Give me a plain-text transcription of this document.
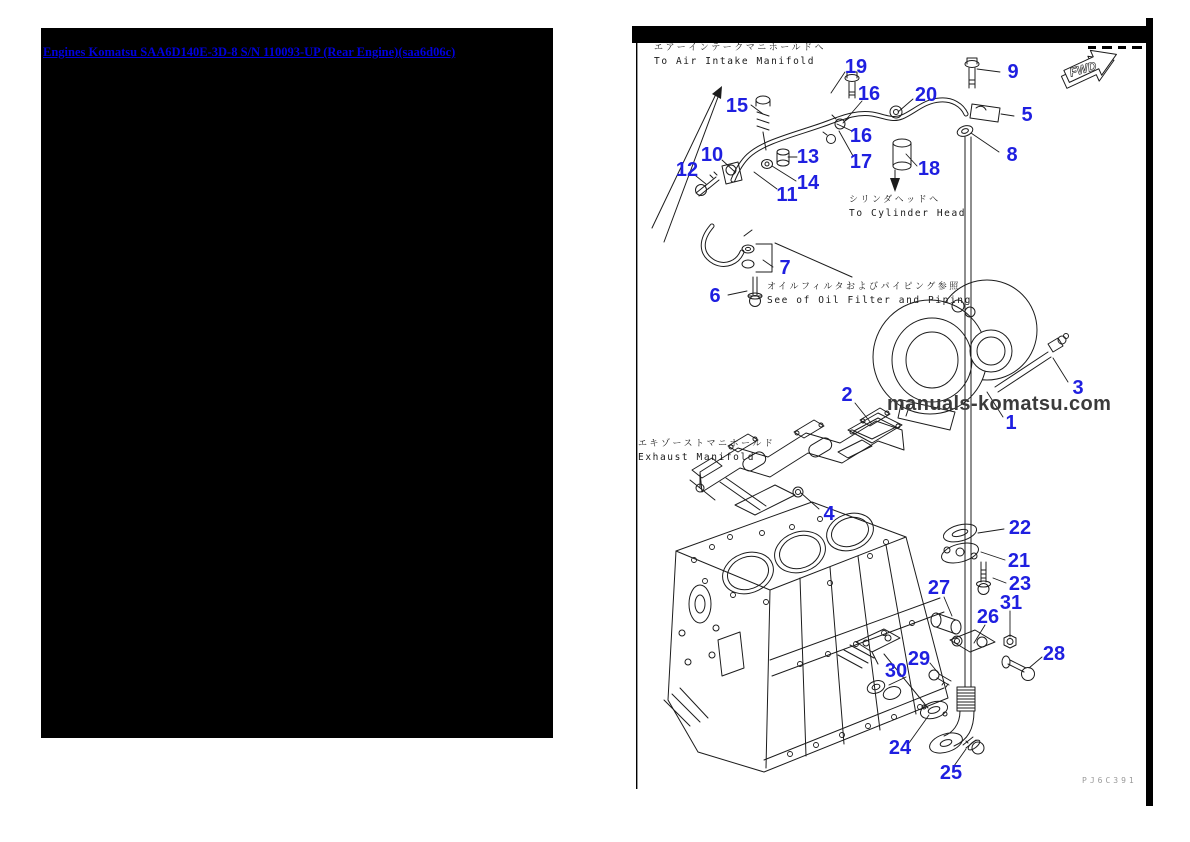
Engines Komatsu SAA6D140E-3D-8 S/N 110093-UP (Rear Engine)(saa6d06c)
FWD
エアーインテークマニホールドへ
To Air Intake Manifold
シリンダヘッドへ
To Cylinder Head
オイルフィルタおよびパイピング参照
See of Oil Filter and Piping
エキゾーストマニホールド
Exhaust Manifold
19	9
16 20
15	5
16
8
13
10	17 18
12
14
11
7
6
2	3
1
4
22
21
23
27
31
26
28
29
30
24
25
manuals-komatsu.com
PJ6C391
